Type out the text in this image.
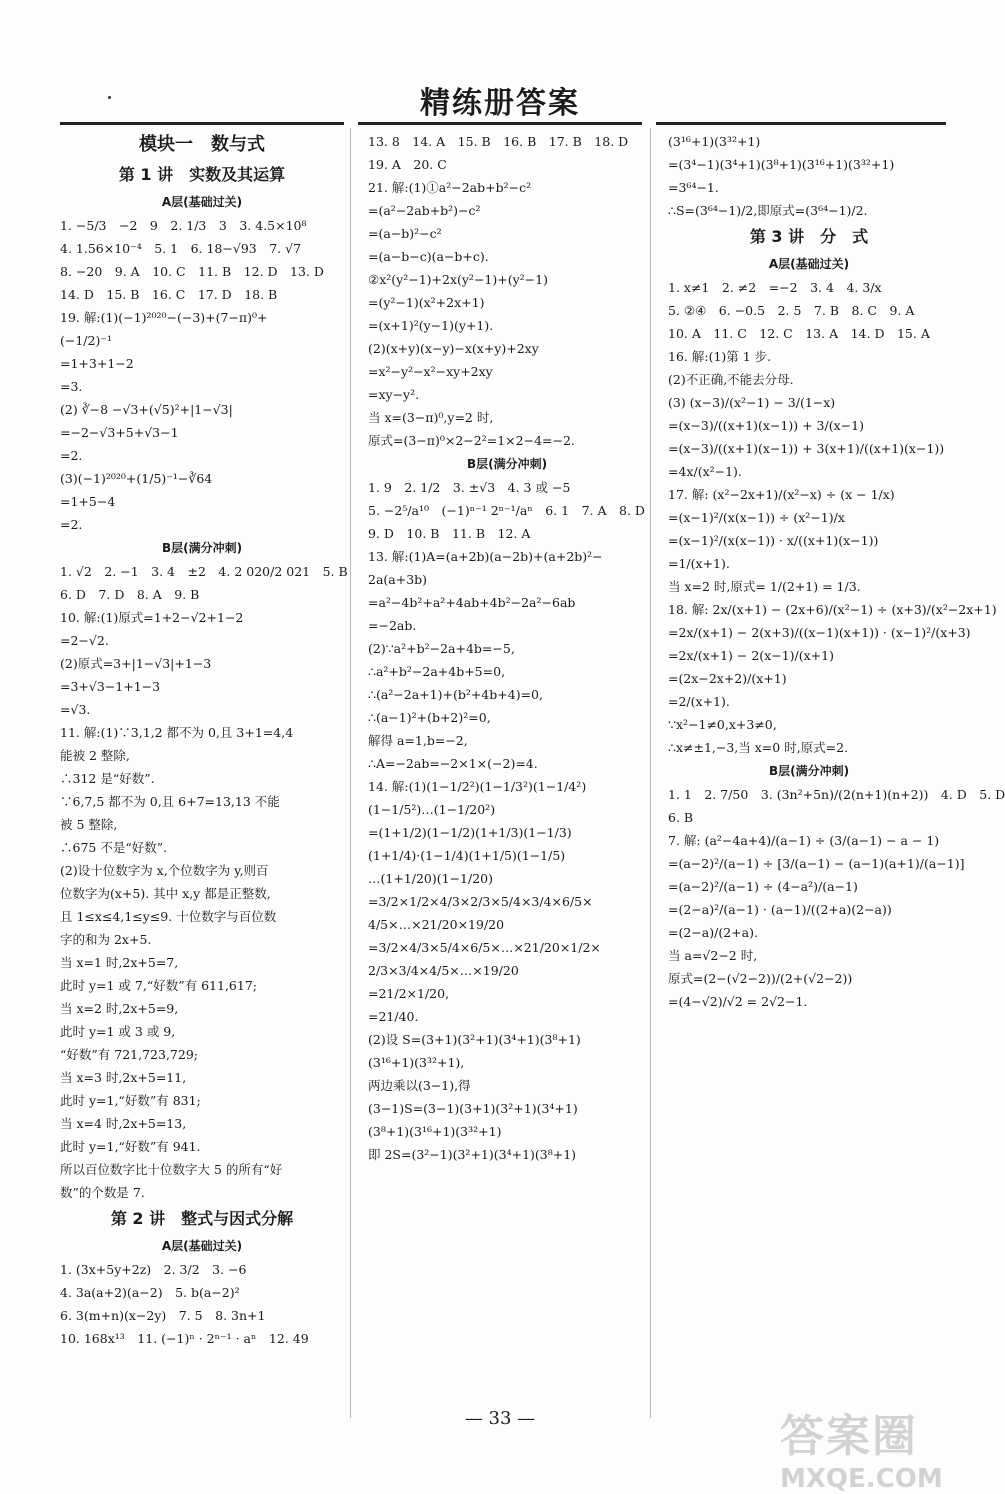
精练册答案
模块一　数与式
第 1 讲　实数及其运算
A层(基础过关)
1. −5/3　−2　9　2. 1/3　3　3. 4.5×10⁸
4. 1.56×10⁻⁴　5. 1　6. 18−√93　7. √7
8. −20　9. A　10. C　11. B　12. D　13. D
14. D　15. B　16. C　17. D　18. B
19. 解:(1)(−1)²⁰²⁰−(−3)+(7−π)⁰+
(−1/2)⁻¹
=1+3+1−2
=3.
(2) ∛−8 −√3+(√5)²+|1−√3|
=−2−√3+5+√3−1
=2.
(3)(−1)²⁰²⁰+(1/5)⁻¹−∛64
=1+5−4
=2.
B层(满分冲刺)
1. √2　2. −1　3. 4　±2　4. 2 020/2 021　5. B
6. D　7. D　8. A　9. B
10. 解:(1)原式=1+2−√2+1−2
=2−√2.
(2)原式=3+|1−√3|+1−3
=3+√3−1+1−3
=√3.
11. 解:(1)∵3,1,2 都不为 0,且 3+1=4,4
能被 2 整除,
∴312 是“好数”.
∵6,7,5 都不为 0,且 6+7=13,13 不能
被 5 整除,
∴675 不是“好数”.
(2)设十位数字为 x,个位数字为 y,则百
位数字为(x+5). 其中 x,y 都是正整数,
且 1≤x≤4,1≤y≤9. 十位数字与百位数
字的和为 2x+5.
当 x=1 时,2x+5=7,
此时 y=1 或 7,“好数”有 611,617;
当 x=2 时,2x+5=9,
此时 y=1 或 3 或 9,
“好数”有 721,723,729;
当 x=3 时,2x+5=11,
此时 y=1,“好数”有 831;
当 x=4 时,2x+5=13,
此时 y=1,“好数”有 941.
所以百位数字比十位数字大 5 的所有“好
数”的个数是 7.
第 2 讲　整式与因式分解
A层(基础过关)
1. (3x+5y+2z)　2. 3/2　3. −6
4. 3a(a+2)(a−2)　5. b(a−2)²
6. 3(m+n)(x−2y)　7. 5　8. 3n+1
10. 168x¹³　11. (−1)ⁿ · 2ⁿ⁻¹ · aⁿ　12. 49
13. 8　14. A　15. B　16. B　17. B　18. D
19. A　20. C
21. 解:(1)①a²−2ab+b²−c²
=(a²−2ab+b²)−c²
=(a−b)²−c²
=(a−b−c)(a−b+c).
②x²(y²−1)+2x(y²−1)+(y²−1)
=(y²−1)(x²+2x+1)
=(x+1)²(y−1)(y+1).
(2)(x+y)(x−y)−x(x+y)+2xy
=x²−y²−x²−xy+2xy
=xy−y².
当 x=(3−π)⁰,y=2 时,
原式=(3−π)⁰×2−2²=1×2−4=−2.
B层(满分冲刺)
1. 9　2. 1/2　3. ±√3　4. 3 或 −5
5. −2⁵/a¹⁰　(−1)ⁿ⁻¹ 2ⁿ⁻¹/aⁿ　6. 1　7. A　8. D
9. D　10. B　11. B　12. A
13. 解:(1)A=(a+2b)(a−2b)+(a+2b)²−
2a(a+3b)
=a²−4b²+a²+4ab+4b²−2a²−6ab
=−2ab.
(2)∵a²+b²−2a+4b=−5,
∴a²+b²−2a+4b+5=0,
∴(a²−2a+1)+(b²+4b+4)=0,
∴(a−1)²+(b+2)²=0,
解得 a=1,b=−2,
∴A=−2ab=−2×1×(−2)=4.
14. 解:(1)(1−1/2²)(1−1/3²)(1−1/4²)
(1−1/5²)…(1−1/20²)
=(1+1/2)(1−1/2)(1+1/3)(1−1/3)
(1+1/4)·(1−1/4)(1+1/5)(1−1/5)
…(1+1/20)(1−1/20)
=3/2×1/2×4/3×2/3×5/4×3/4×6/5×
4/5×…×21/20×19/20
=3/2×4/3×5/4×6/5×…×21/20×1/2×
2/3×3/4×4/5×…×19/20
=21/2×1/20,
=21/40.
(2)设 S=(3+1)(3²+1)(3⁴+1)(3⁸+1)
(3¹⁶+1)(3³²+1),
两边乘以(3−1),得
(3−1)S=(3−1)(3+1)(3²+1)(3⁴+1)
(3⁸+1)(3¹⁶+1)(3³²+1)
即 2S=(3²−1)(3²+1)(3⁴+1)(3⁸+1)
(3¹⁶+1)(3³²+1)
=(3⁴−1)(3⁴+1)(3⁸+1)(3¹⁶+1)(3³²+1)
=3⁶⁴−1.
∴S=(3⁶⁴−1)/2,即原式=(3⁶⁴−1)/2.
第 3 讲　分　式
A层(基础过关)
1. x≠1　2. ≠2　=−2　3. 4　4. 3/x
5. ②④　6. −0.5　2. 5　7. B　8. C　9. A
10. A　11. C　12. C　13. A　14. D　15. A
16. 解:(1)第 1 步.
(2)不正确,不能去分母.
(3) (x−3)/(x²−1) − 3/(1−x)
=(x−3)/((x+1)(x−1)) + 3/(x−1)
=(x−3)/((x+1)(x−1)) + 3(x+1)/((x+1)(x−1))
=4x/(x²−1).
17. 解: (x²−2x+1)/(x²−x) ÷ (x − 1/x)
=(x−1)²/(x(x−1)) ÷ (x²−1)/x
=(x−1)²/(x(x−1)) · x/((x+1)(x−1))
=1/(x+1).
当 x=2 时,原式= 1/(2+1) = 1/3.
18. 解: 2x/(x+1) − (2x+6)/(x²−1) ÷ (x+3)/(x²−2x+1)
=2x/(x+1) − 2(x+3)/((x−1)(x+1)) · (x−1)²/(x+3)
=2x/(x+1) − 2(x−1)/(x+1)
=(2x−2x+2)/(x+1)
=2/(x+1).
∵x²−1≠0,x+3≠0,
∴x≠±1,−3,当 x=0 时,原式=2.
B层(满分冲刺)
1. 1　2. 7/50　3. (3n²+5n)/(2(n+1)(n+2))　4. D　5. D
6. B
7. 解: (a²−4a+4)/(a−1) ÷ (3/(a−1) − a − 1)
=(a−2)²/(a−1) ÷ [3/(a−1) − (a−1)(a+1)/(a−1)]
=(a−2)²/(a−1) ÷ (4−a²)/(a−1)
=(2−a)²/(a−1) · (a−1)/((2+a)(2−a))
=(2−a)/(2+a).
当 a=√2−2 时,
原式=(2−(√2−2))/(2+(√2−2))
=(4−√2)/√2 = 2√2−1.
— 33 —	答案圈
MXQE.COM
